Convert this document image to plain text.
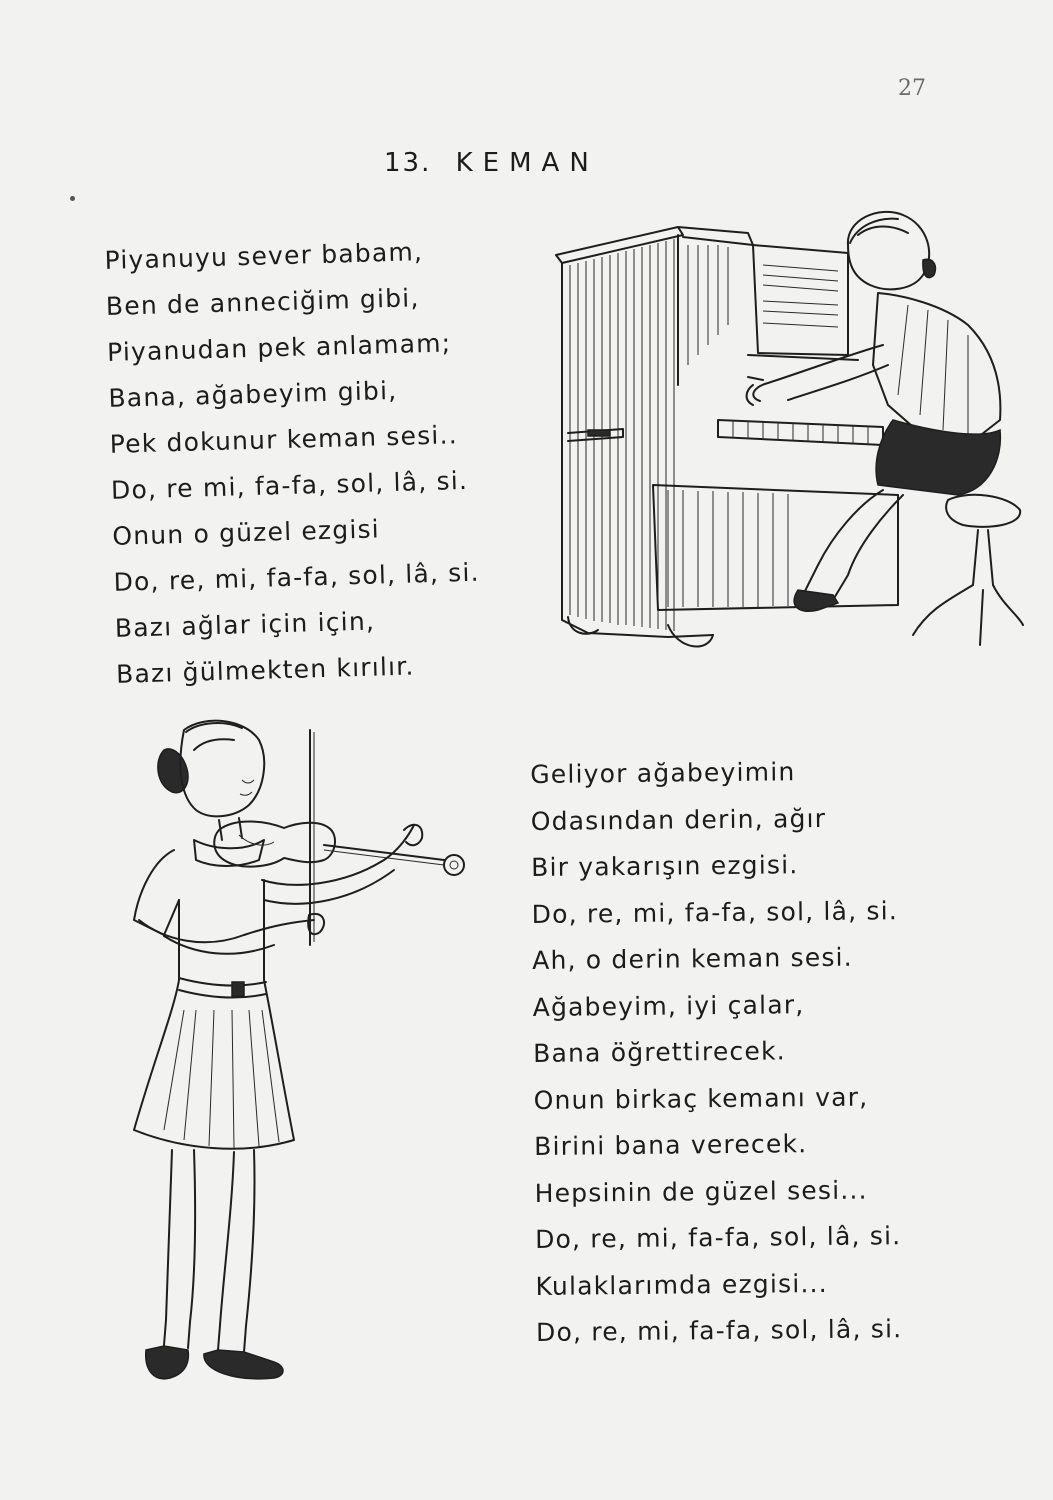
27
13. KEMAN
Piyanuyu sever babam,
Ben de anneciğim gibi,
Piyanudan pek anlamam;
Bana, ağabeyim gibi,
Pek dokunur keman sesi..
Do, re mi, fa-fa, sol, lâ, si.
Onun o güzel ezgisi
Do, re, mi, fa-fa, sol, lâ, si.
Bazı ağlar için için,
Bazı ğülmekten kırılır.
Geliyor ağabeyimin
Odasından derin, ağır
Bir yakarışın ezgisi.
Do, re, mi, fa-fa, sol, lâ, si.
Ah, o derin keman sesi.
Ağabeyim, iyi çalar,
Bana öğrettirecek.
Onun birkaç kemanı var,
Birini bana verecek.
Hepsinin de güzel sesi...
Do, re, mi, fa-fa, sol, lâ, si.
Kulaklarımda ezgisi...
Do, re, mi, fa-fa, sol, lâ, si.
